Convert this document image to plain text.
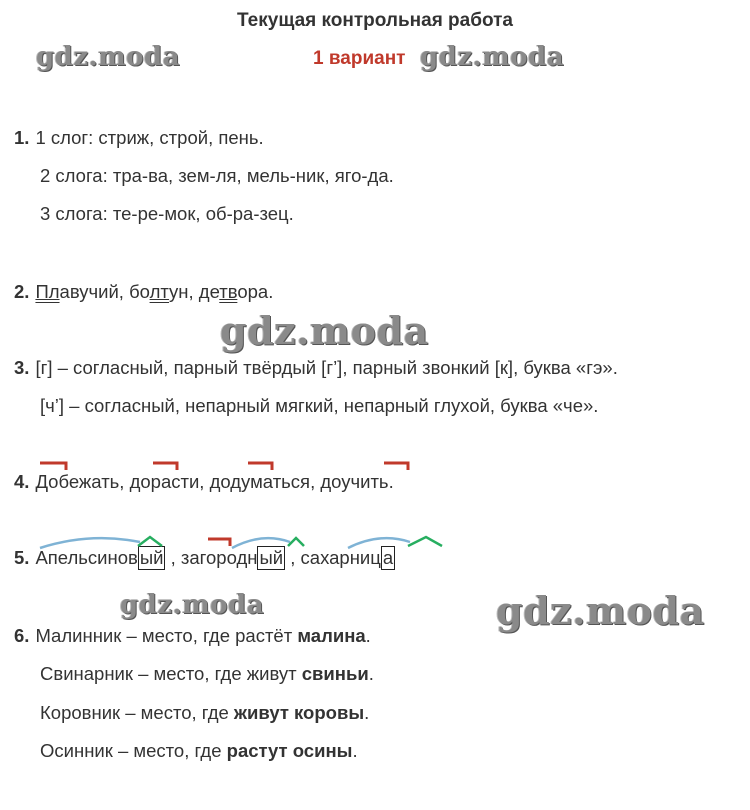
Текущая контрольная работа
1 вариант
gdz.moda	gdz.moda
gdz.moda
gdz.moda	gdz.moda
1. 1 слог: стриж, строй, пень.
2 слога: тра-ва, зем-ля, мель-ник, яго-да.
3 слога: те-ре-мок, об-ра-зец.
2. Плавучий, болтун, детвора.
3. [г] – согласный, парный твёрдый [г’], парный звонкий [к], буква «гэ».
[ч’] – согласный, непарный мягкий, непарный глухой, буква «че».
4. Добежать, дорасти, додуматься, доучить.
5. Апельсинов ый , загородн ый , сахарниц а
6. Малинник – место, где растёт малина.
Свинарник – место, где живут свиньи.
Коровник – место, где живут коровы.
Осинник – место, где растут осины.
